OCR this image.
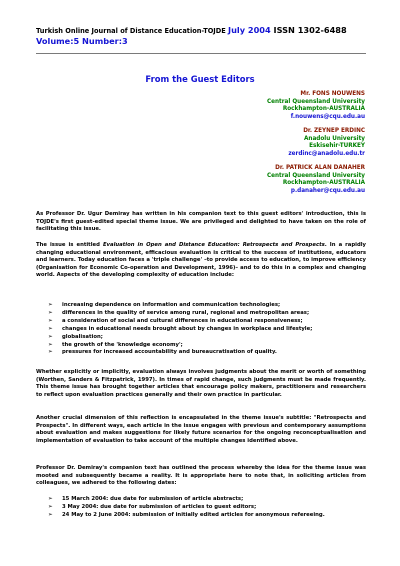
Turkish Online Journal of Distance Education-TOJDE July 2004 ISSN 1302-6488
Volume:5 Number:3
From the Guest Editors
Mr. FONS NOUWENS
Central Queensland University
Rockhampton-AUSTRALIA
f.nouwens@cqu.edu.au
Dr. ZEYNEP ERDINC
Anadolu University
Eskisehir-TURKEY
zerdinc@anadolu.edu.tr
Dr. PATRICK ALAN DANAHER
Central Queensland University
Rockhampton-AUSTRALIA
p.danaher@cqu.edu.au
As Professor Dr. Ugur Demiray has written in his companion text to this guest editors' introduction, this is TOJDE's first guest-edited special theme issue. We are privileged and delighted to have taken on the role of facilitating this issue.
The issue is entitled Evaluation in Open and Distance Education: Retrospects and Prospects. In a rapidly changing educational environment, efficacious evaluation is critical to the success of institutions, educators and learners. Today education faces a 'triple challenge' –to provide access to education, to improve efficiency (Organisation for Economic Co-operation and Development, 1996)– and to do this in a complex and changing world. Aspects of the developing complexity of education include:
➢	increasing dependence on information and communication technologies;
➢	differences in the quality of service among rural, regional and metropolitan areas;
➢	a consideration of social and cultural differences in educational responsiveness;
➢	changes in educational needs brought about by changes in workplace and lifestyle;
➢	globalisation;
➢	the growth of the 'knowledge economy';
➢	pressures for increased accountability and bureaucratisation of quality.
Whether explicitly or implicitly, evaluation always involves judgments about the merit or worth of something (Worthen, Sanders & Fitzpatrick, 1997). In times of rapid change, such judgments must be made frequently. This theme issue has brought together articles that encourage policy makers, practitioners and researchers to reflect upon evaluation practices generally and their own practice in particular.
Another crucial dimension of this reflection is encapsulated in the theme issue's subtitle: "Retrospects and Prospects". In different ways, each article in the issue engages with previous and contemporary assumptions about evaluation and makes suggestions for likely future scenarios for the ongoing reconceptualisation and implementation of evaluation to take account of the multiple changes identified above.
Professor Dr. Demiray's companion text has outlined the process whereby the idea for the theme issue was mooted and subsequently became a reality. It is appropriate here to note that, in soliciting articles from colleagues, we adhered to the following dates:
➢	15 March 2004: due date for submission of article abstracts;
➢	3 May 2004: due date for submission of articles to guest editors;
➢	24 May to 2 June 2004: submission of initially edited articles for anonymous refereeing.
